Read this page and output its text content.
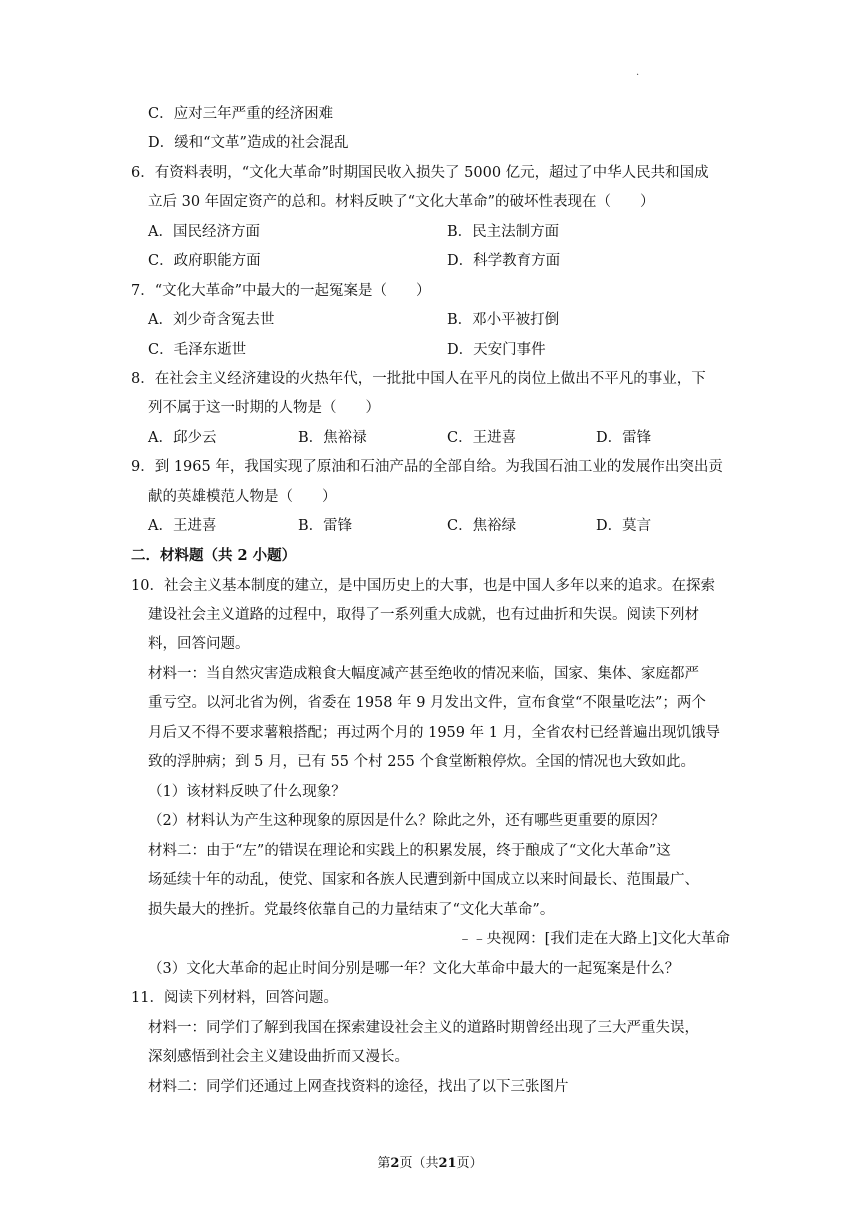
·
C．应对三年严重的经济困难
D．缓和“文革”造成的社会混乱
6．有资料表明，“文化大革命”时期国民收入损失了 5000 亿元，超过了中华人民共和国成
立后 30 年固定资产的总和。材料反映了“文化大革命”的破坏性表现在（　　）
A．国民经济方面	B．民主法制方面
C．政府职能方面	D．科学教育方面
7．“文化大革命”中最大的一起冤案是（　　）
A．刘少奇含冤去世	B．邓小平被打倒
C．毛泽东逝世	D．天安门事件
8．在社会主义经济建设的火热年代，一批批中国人在平凡的岗位上做出不平凡的事业，下
列不属于这一时期的人物是（　　）
A．邱少云	B．焦裕禄	C．王进喜	D．雷锋
9．到 1965 年，我国实现了原油和石油产品的全部自给。为我国石油工业的发展作出突出贡
献的英雄模范人物是（　　）
A．王进喜	B．雷锋	C．焦裕绿	D．莫言
二．材料题（共 2 小题）
10．社会主义基本制度的建立，是中国历史上的大事，也是中国人多年以来的追求。在探索
建设社会主义道路的过程中，取得了一系列重大成就，也有过曲折和失误。阅读下列材
料，回答问题。
材料一：当自然灾害造成粮食大幅度减产甚至绝收的情况来临，国家、集体、家庭都严
重亏空。以河北省为例，省委在 1958 年 9 月发出文件，宣布食堂“不限量吃法”；两个
月后又不得不要求薯粮搭配；再过两个月的 1959 年 1 月，全省农村已经普遍出现饥饿导
致的浮肿病；到 5 月，已有 55 个村 255 个食堂断粮停炊。全国的情况也大致如此。
（1）该材料反映了什么现象？
（2）材料认为产生这种现象的原因是什么？除此之外，还有哪些更重要的原因？
材料二：由于“左”的错误在理论和实践上的积累发展，终于酿成了“文化大革命”这
场延续十年的动乱，使党、国家和各族人民遭到新中国成立以来时间最长、范围最广、
损失最大的挫折。党最终依靠自己的力量结束了“文化大革命”。
﹣﹣央视网：[我们走在大路上]文化大革命
（3）文化大革命的起止时间分别是哪一年？文化大革命中最大的一起冤案是什么？
11．阅读下列材料，回答问题。
材料一：同学们了解到我国在探索建设社会主义的道路时期曾经出现了三大严重失误，
深刻感悟到社会主义建设曲折而又漫长。
材料二：同学们还通过上网查找资料的途径，找出了以下三张图片
第2页（共21页）
